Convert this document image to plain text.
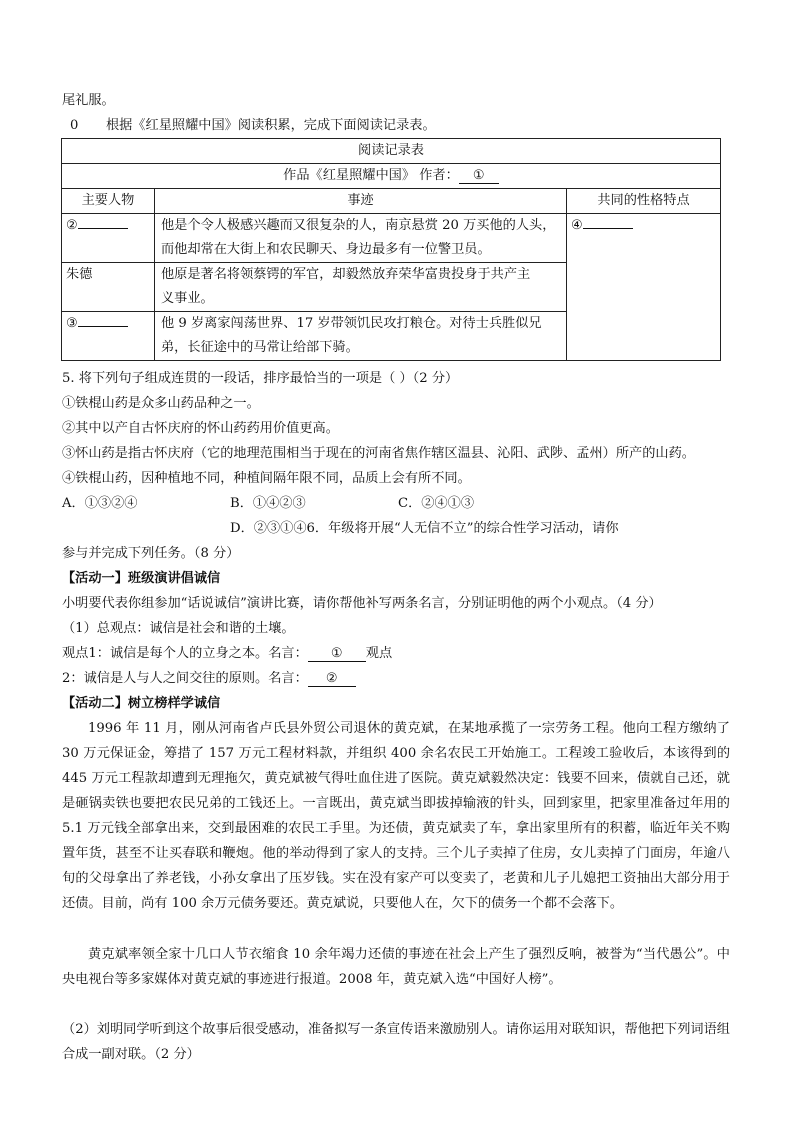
尾礼服。
0 根据《红星照耀中国》阅读积累，完成下面阅读记录表。
阅读记录表		
作品《红星照耀中国》 作者： ①		
主要人物	事迹	共同的性格特点
②	他是个令人极感兴趣而又很复杂的人，南京悬赏 20 万买他的人头，
而他却常在大街上和农民聊天、身边最多有一位警卫员。	④
朱德	他原是著名将领蔡锷的军官，却毅然放弃荣华富贵投身于共产主
义事业。	

③	他 9 岁离家闯荡世界、17 岁带领饥民攻打粮仓。对待士兵胜似兄
弟，长征途中的马常让给部下骑。	
5. 将下列句子组成连贯的一段话，排序最恰当的一项是（ ）（2 分）
①铁棍山药是众多山药品种之一。
②其中以产自古怀庆府的怀山药药用价值更高。
③怀山药是指古怀庆府（它的地理范围相当于现在的河南省焦作辖区温县、沁阳、武陟、孟州）所产的山药。
④铁棍山药，因种植地不同，种植间隔年限不同，品质上会有所不同。
A．①③②④	B．①④②③	C．②④①③
D．②③①④6．年级将开展“人无信不立”的综合性学习活动，请你
参与并完成下列任务。（8 分）
【活动一】班级演讲倡诚信
小明要代表你组参加“话说诚信”演讲比赛，请你帮他补写两条名言，分别证明他的两个小观点。（4 分）
（1）总观点：诚信是社会和谐的土壤。
观点1：诚信是每个人的立身之本。名言： ① 观点
2：诚信是人与人之间交往的原则。名言： ②
【活动二】树立榜样学诚信
1996 年 11 月，刚从河南省卢氏县外贸公司退休的黄克斌，在某地承揽了一宗劳务工程。他向工程方缴纳了 30 万元保证金，筹措了 157 万元工程材料款，并组织 400 余名农民工开始施工。工程竣工验收后，本该得到的 445 万元工程款却遭到无理拖欠，黄克斌被气得吐血住进了医院。黄克斌毅然决定：钱要不回来，债就自己还，就是砸锅卖铁也要把农民兄弟的工钱还上。一言既出，黄克斌当即拔掉输液的针头，回到家里，把家里准备过年用的 5.1 万元钱全部拿出来，交到最困难的农民工手里。为还债，黄克斌卖了车，拿出家里所有的积蓄，临近年关不购置年货，甚至不让买春联和鞭炮。他的举动得到了家人的支持。三个儿子卖掉了住房，女儿卖掉了门面房，年逾八旬的父母拿出了养老钱，小孙女拿出了压岁钱。实在没有家产可以变卖了，老黄和儿子儿媳把工资抽出大部分用于还债。目前，尚有 100 余万元债务要还。黄克斌说，只要他人在，欠下的债务一个都不会落下。
黄克斌率领全家十几口人节衣缩食 10 余年竭力还债的事迹在社会上产生了强烈反响，被誉为“当代愚公”。中央电视台等多家媒体对黄克斌的事迹进行报道。2008 年，黄克斌入选“中国好人榜”。
（2）刘明同学听到这个故事后很受感动，准备拟写一条宣传语来激励别人。请你运用对联知识，帮他把下列词语组合成一副对联。（2 分）
